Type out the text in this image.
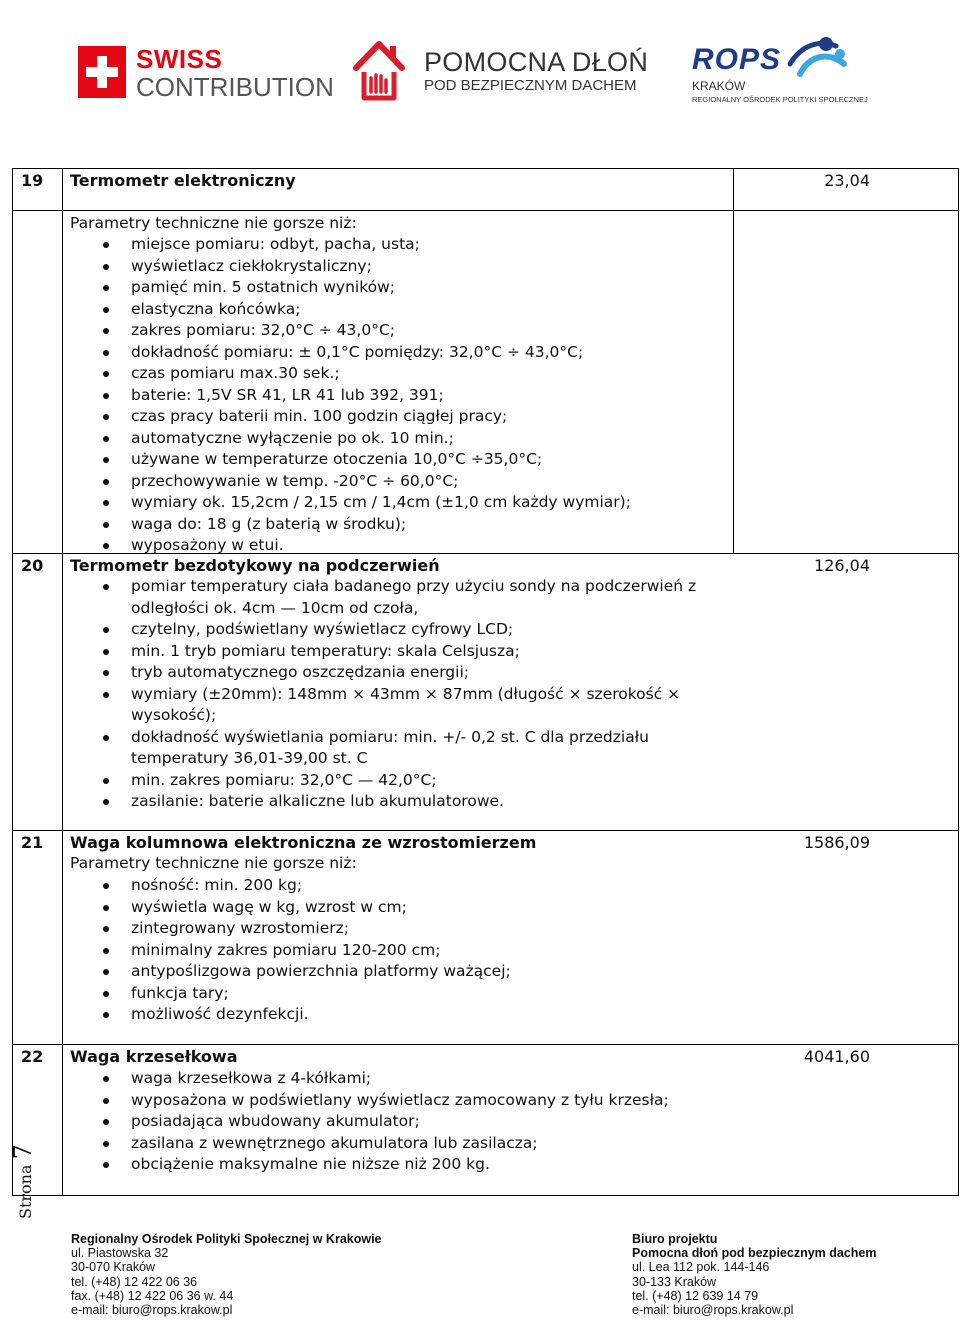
SWISS
CONTRIBUTION
POMOCNA DŁOŃ
POD BEZPIECZNYM DACHEM
ROPS
KRAKÓW
REGIONALNY OŚRODEK POLITYKI SPOŁECZNEJ
19 Termometr elektroniczny	23,04
Parametry techniczne nie gorsze niż:
miejsce pomiaru: odbyt, pacha, usta;
wyświetlacz ciekłokrystaliczny;
pamięć min. 5 ostatnich wyników;
elastyczna końcówka;
zakres pomiaru: 32,0°C ÷ 43,0°C;
dokładność pomiaru: ± 0,1°C pomiędzy: 32,0°C ÷ 43,0°C;
czas pomiaru max.30 sek.;
baterie: 1,5V SR 41, LR 41 lub 392, 391;
czas pracy baterii min. 100 godzin ciągłej pracy;
automatyczne wyłączenie po ok. 10 min.;
używane w temperaturze otoczenia 10,0°C ÷35,0°C;
przechowywanie w temp. -20°C ÷ 60,0°C;
wymiary ok. 15,2cm / 2,15 cm / 1,4cm (±1,0 cm każdy wymiar);
waga do: 18 g (z baterią w środku);
wyposażony w etui.
20 Termometr bezdotykowy na podczerwień	126,04
pomiar temperatury ciała badanego przy użyciu sondy na podczerwień z odległości ok. 4cm — 10cm od czoła,
czytelny, podświetlany wyświetlacz cyfrowy LCD;
min. 1 tryb pomiaru temperatury: skala Celsjusza;
tryb automatycznego oszczędzania energii;
wymiary (±20mm): 148mm × 43mm × 87mm (długość × szerokość × wysokość);
dokładność wyświetlania pomiaru: min. +/- 0,2 st. C dla przedziału temperatury 36,01-39,00 st. C
min. zakres pomiaru: 32,0°C — 42,0°C;
zasilanie: baterie alkaliczne lub akumulatorowe.
21 Waga kolumnowa elektroniczna ze wzrostomierzem	1586,09
Parametry techniczne nie gorsze niż:
nośność: min. 200 kg;
wyświetla wagę w kg, wzrost w cm;
zintegrowany wzrostomierz;
minimalny zakres pomiaru 120-200 cm;
antypoślizgowa powierzchnia platformy ważącej;
funkcja tary;
możliwość dezynfekcji.
22 Waga krzesełkowa	4041,60
waga krzesełkowa z 4-kółkami;
wyposażona w podświetlany wyświetlacz zamocowany z tyłu krzesła;
posiadająca wbudowany akumulator;
zasilana z wewnętrznego akumulatora lub zasilacza;
obciążenie maksymalne nie niższe niż 200 kg.
Strona 7
Regionalny Ośrodek Polityki Społecznej w Krakowie
ul. Piastowska 32
30-070 Kraków
tel. (+48) 12 422 06 36
fax. (+48) 12 422 06 36 w. 44
e-mail: biuro@rops.krakow.pl
Biuro projektu
Pomocna dłoń pod bezpiecznym dachem
ul. Lea 112 pok. 144-146
30-133 Kraków
tel. (+48) 12 639 14 79
e-mail: biuro@rops.krakow.pl
